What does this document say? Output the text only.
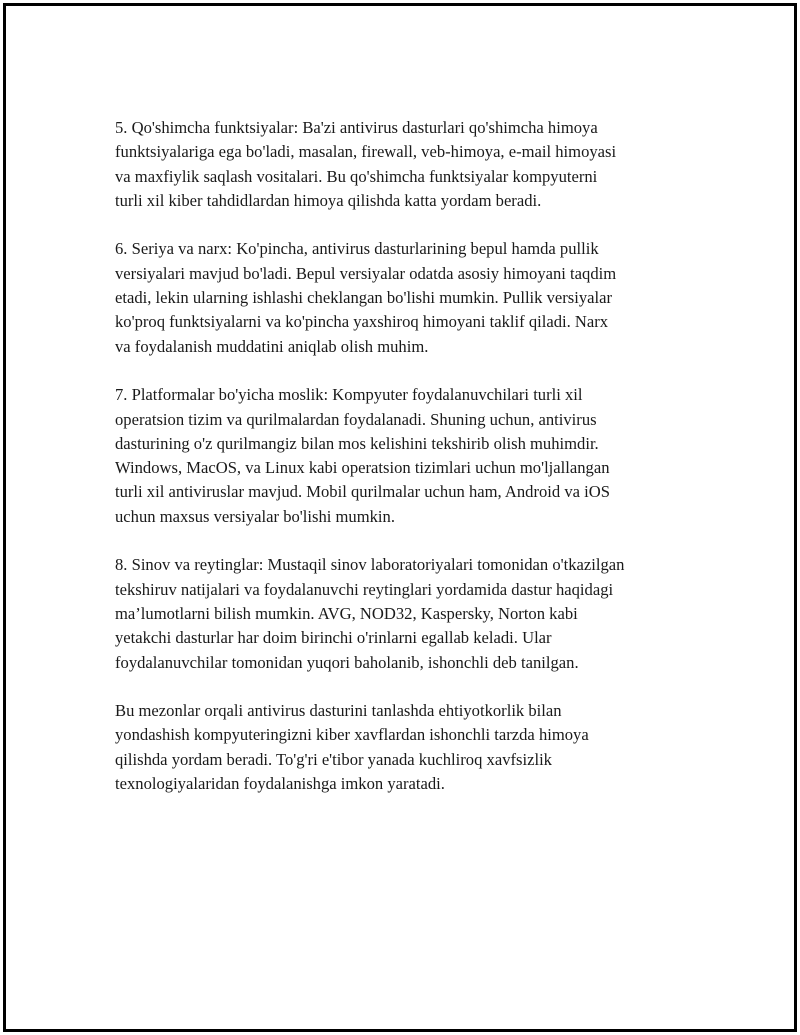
5. Qo'shimcha funktsiyalar: Ba'zi antivirus dasturlari qo'shimcha himoya
funktsiyalariga ega bo'ladi, masalan, firewall, veb-himoya, e-mail himoyasi
va maxfiylik saqlash vositalari. Bu qo'shimcha funktsiyalar kompyuterni
turli xil kiber tahdidlardan himoya qilishda katta yordam beradi.

6. Seriya va narx: Ko'pincha, antivirus dasturlarining bepul hamda pullik
versiyalari mavjud bo'ladi. Bepul versiyalar odatda asosiy himoyani taqdim
etadi, lekin ularning ishlashi cheklangan bo'lishi mumkin. Pullik versiyalar
ko'proq funktsiyalarni va ko'pincha yaxshiroq himoyani taklif qiladi. Narx
va foydalanish muddatini aniqlab olish muhim.

7. Platformalar bo'yicha moslik: Kompyuter foydalanuvchilari turli xil
operatsion tizim va qurilmalardan foydalanadi. Shuning uchun, antivirus
dasturining o'z qurilmangiz bilan mos kelishini tekshirib olish muhimdir.
Windows, MacOS, va Linux kabi operatsion tizimlari uchun mo'ljallangan
turli xil antiviruslar mavjud. Mobil qurilmalar uchun ham, Android va iOS
uchun maxsus versiyalar bo'lishi mumkin.

8. Sinov va reytinglar: Mustaqil sinov laboratoriyalari tomonidan o'tkazilgan
tekshiruv natijalari va foydalanuvchi reytinglari yordamida dastur haqidagi
ma’lumotlarni bilish mumkin. AVG, NOD32, Kaspersky, Norton kabi
yetakchi dasturlar har doim birinchi o'rinlarni egallab keladi. Ular
foydalanuvchilar tomonidan yuqori baholanib, ishonchli deb tanilgan.

Bu mezonlar orqali antivirus dasturini tanlashda ehtiyotkorlik bilan
yondashish kompyuteringizni kiber xavflardan ishonchli tarzda himoya
qilishda yordam beradi. To'g'ri e'tibor yanada kuchliroq xavfsizlik
texnologiyalaridan foydalanishga imkon yaratadi.
